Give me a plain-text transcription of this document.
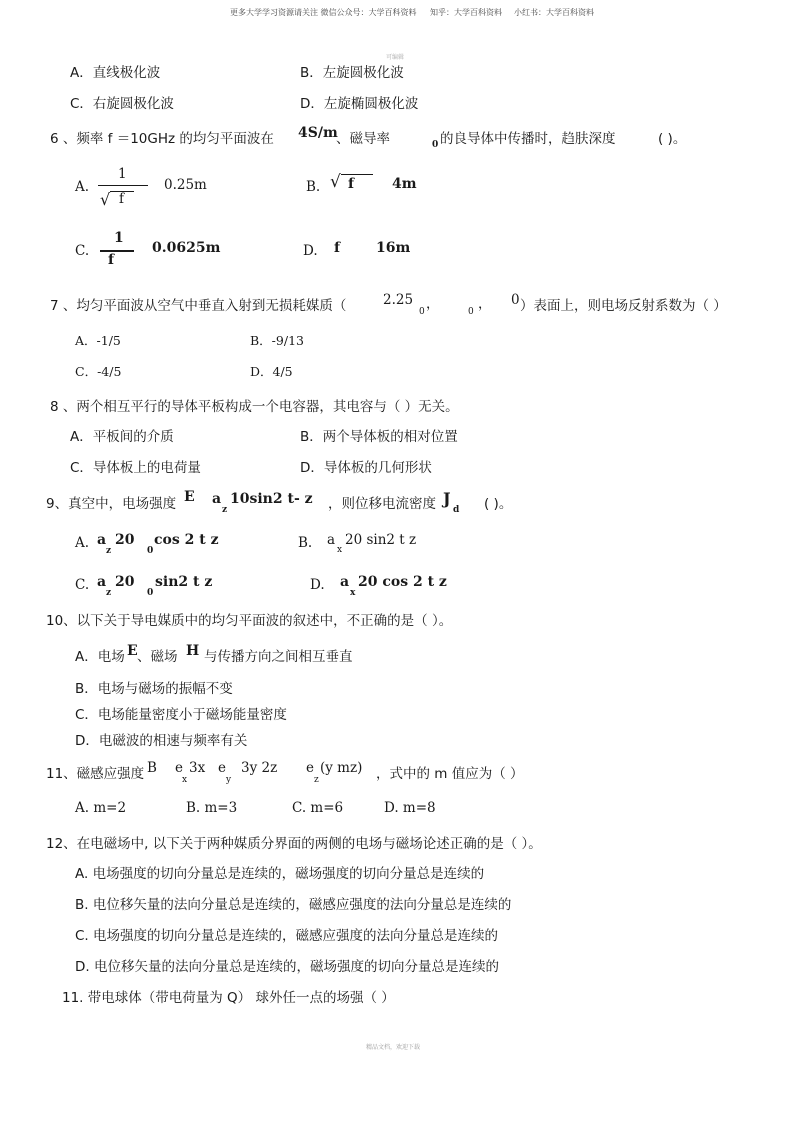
更多大学学习资源请关注 微信公众号：大学百科资料 知乎：大学百科资料 小红书：大学百科资料
可编辑
A．直线极化波	B．左旋圆极化波
C．右旋圆极化波	D．左旋椭圆极化波
6 、频率 f ＝10GHz 的均匀平面波在 4S/m
、磁导率	0 的良导体中传播时，趋肤深度	( )。
A.
1
√ f
0.25m	B. √ f	4m
C.
1
f
0.0625m	D. f	16m
7 、均匀平面波从空气中垂直入射到无损耗媒质（	2.25
0 ，	0 ， 0 ）表面上，则电场反射系数为（ ）
A．-1/5	B．-9/13
C．-4/5	D．4/5
8 、两个相互平行的导体平板构成一个电容器，其电容与（ ）无关。
A．平板间的介质	B．两个导体板的相对位置
C．导体板上的电荷量	D．导体板的几何形状
9、真空中，电场强度 E a
z
10sin2 t- z ，则位移电流密度 J
d ( )。
A. a
z
20
0
cos 2 t z	B. a
x
20 sin2 t z
C. a
z
20
0
sin2 t z	D. a
x
20 cos 2 t z
10、以下关于导电媒质中的均匀平面波的叙述中，不正确的是（ ）。
A．电场 E 、磁场 H 与传播方向之间相互垂直
B．电场与磁场的振幅不变
C．电场能量密度小于磁场能量密度
D．电磁波的相速与频率有关
11、磁感应强度 B e
x
3x e
y
3y 2z e
z
(y mz) ，式中的 m 值应为（ ）
A. m=2	B. m=3	C. m=6	D. m=8
12、在电磁场中, 以下关于两种媒质分界面的两侧的电场与磁场论述正确的是（ ）。
A. 电场强度的切向分量总是连续的，磁场强度的切向分量总是连续的
B. 电位移矢量的法向分量总是连续的，磁感应强度的法向分量总是连续的
C. 电场强度的切向分量总是连续的，磁感应强度的法向分量总是连续的
D. 电位移矢量的法向分量总是连续的，磁场强度的切向分量总是连续的
11. 带电球体（带电荷量为 Q） 球外任一点的场强（ ）
精品文档，欢迎下载
